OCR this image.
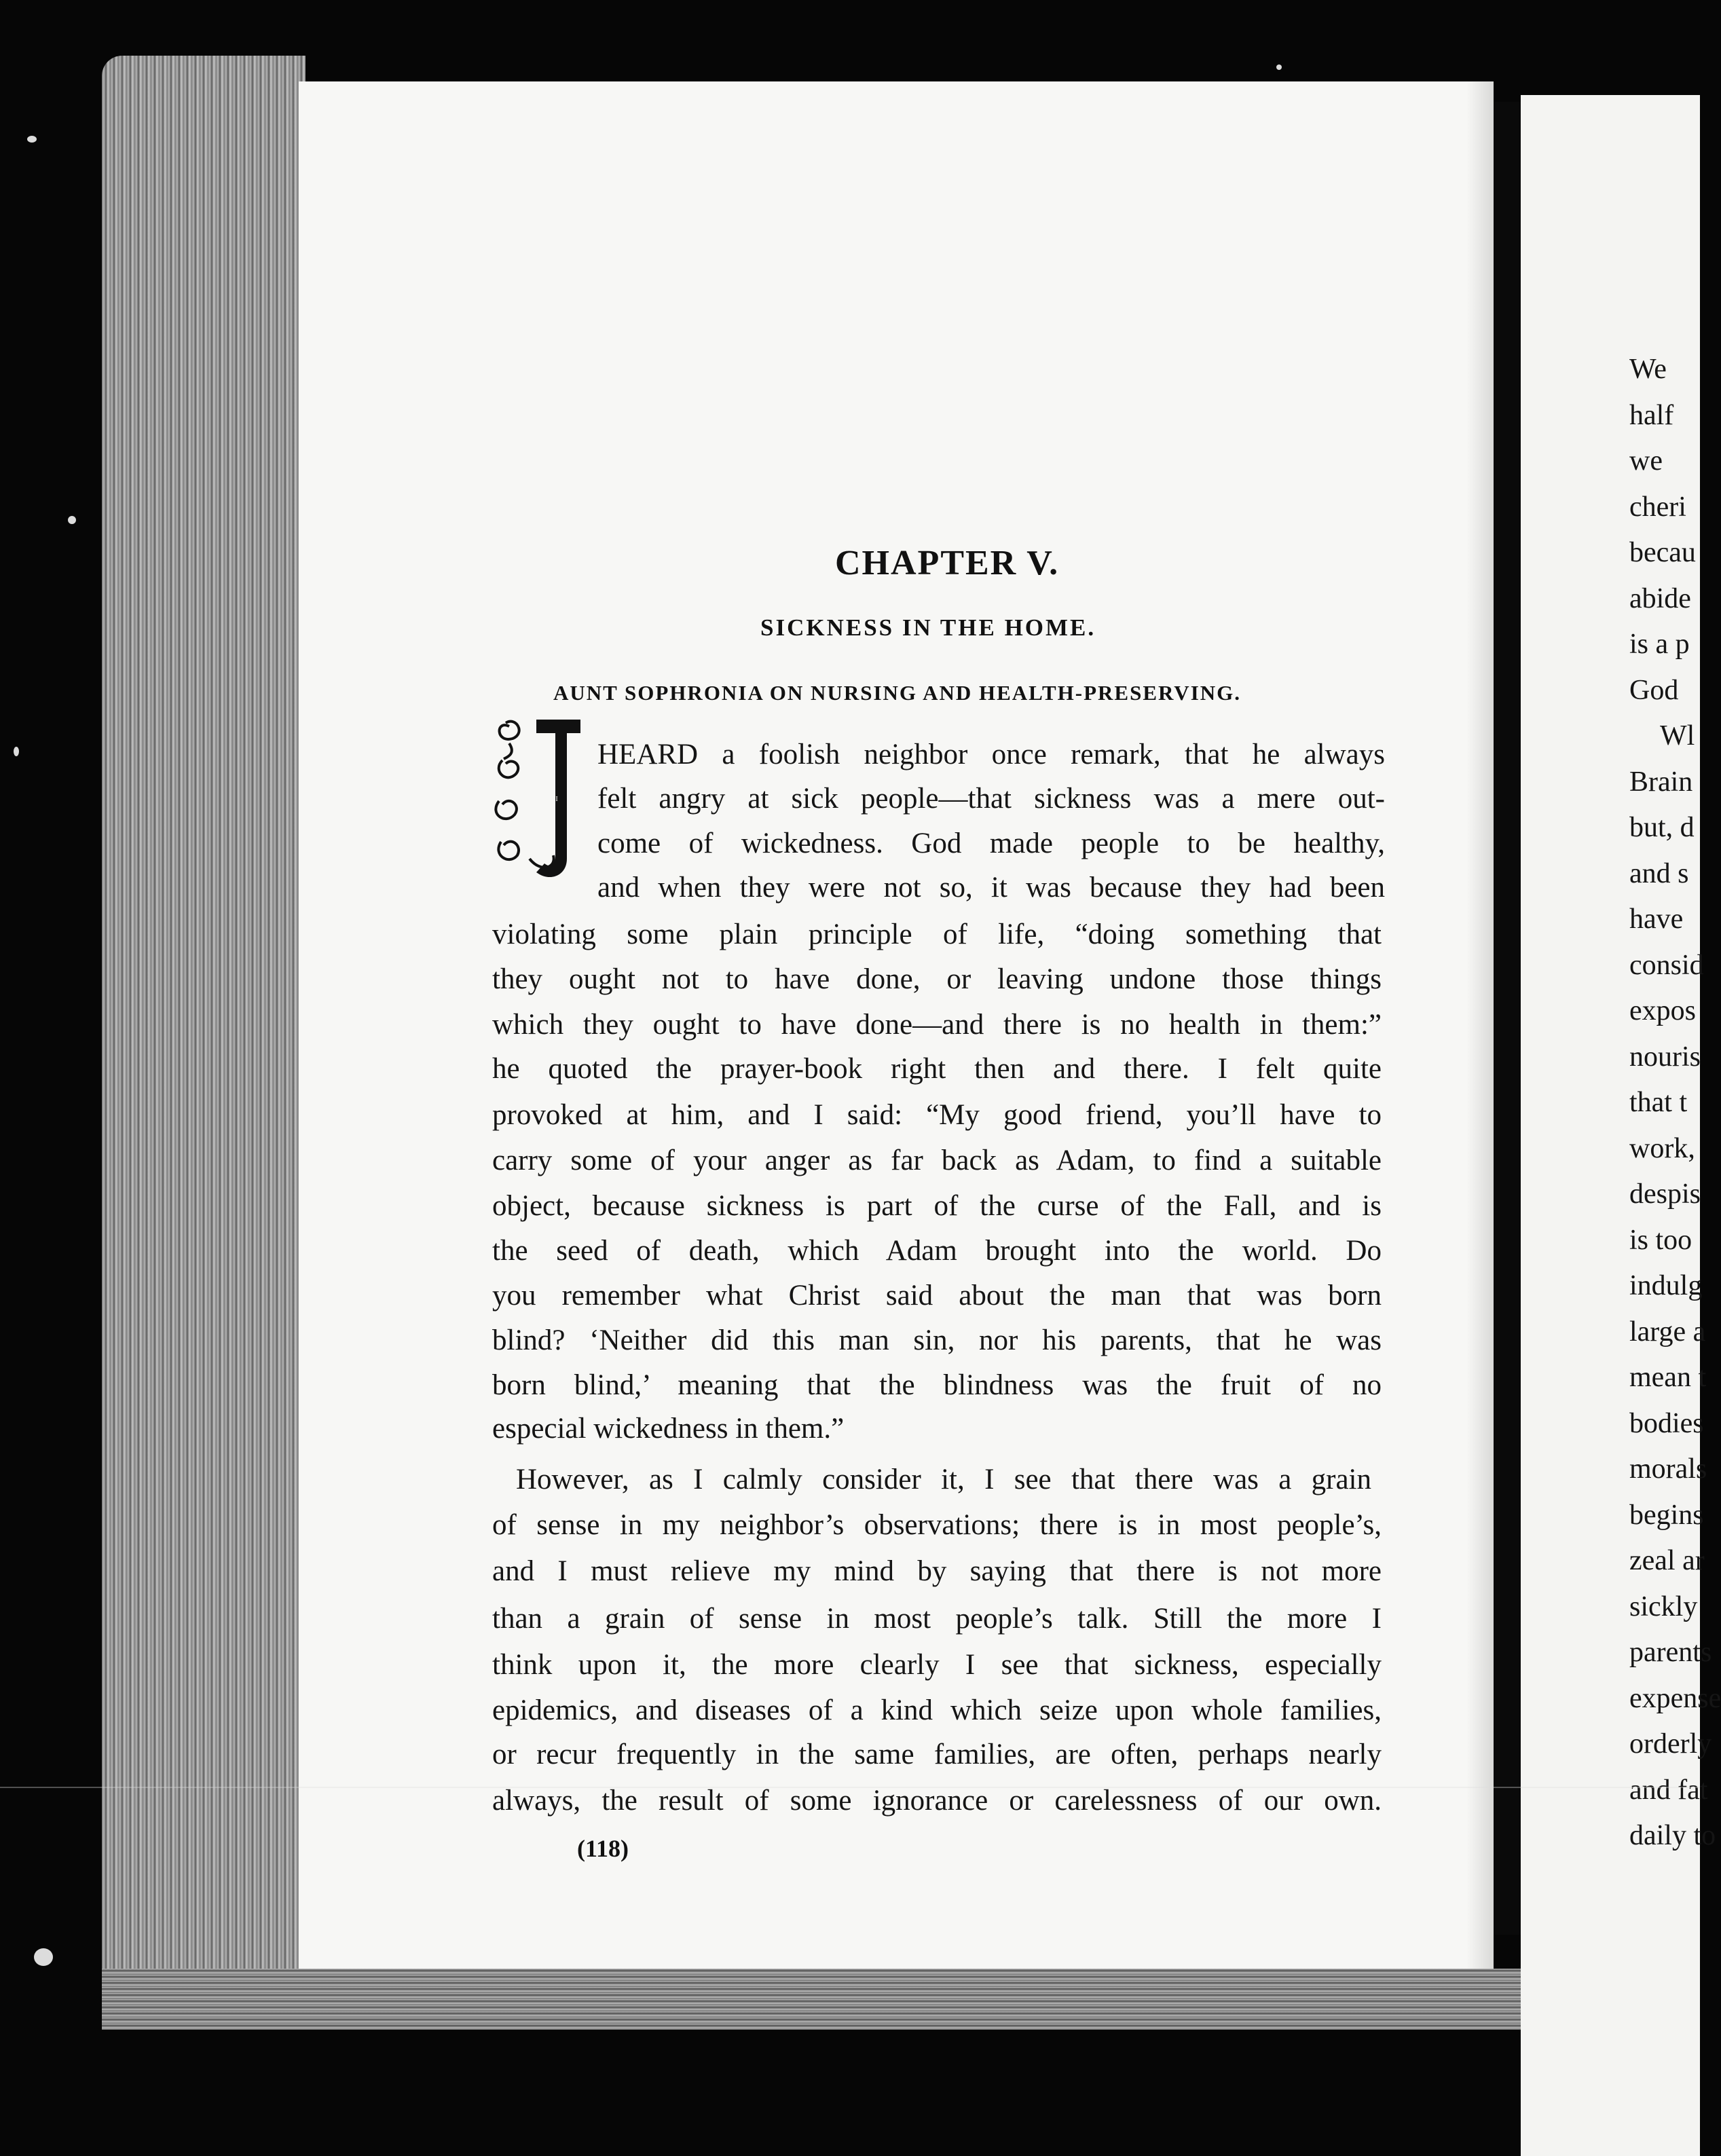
CHAPTER V.
SICKNESS IN THE HOME.
AUNT SOPHRONIA ON NURSING AND HEALTH-PRESERVING.
I
HEARD a foolish neighbor once remark, that he always
felt angry at sick people—that sickness was a mere out-
come of wickedness. God made people to be healthy,
and when they were not so, it was because they had been
violating some plain principle of life, “doing something that
they ought not to have done, or leaving undone those things
which they ought to have done—and there is no health in them:”
he quoted the prayer-book right then and there. I felt quite
provoked at him, and I said: “My good friend, you’ll have to
carry some of your anger as far back as Adam, to find a suitable
object, because sickness is part of the curse of the Fall, and is
the seed of death, which Adam brought into the world. Do
you remember what Christ said about the man that was born
blind? ‘Neither did this man sin, nor his parents, that he was
born blind,’ meaning that the blindness was the fruit of no
especial wickedness in them.”
However, as I calmly consider it, I see that there was a grain
of sense in my neighbor’s observations; there is in most people’s,
and I must relieve my mind by saying that there is not more
than a grain of sense in most people’s talk. Still the more I
think upon it, the more clearly I see that sickness, especially
epidemics, and diseases of a kind which seize upon whole families,
or recur frequently in the same families, are often, perhaps nearly
always, the result of some ignorance or carelessness of our own.
(118)
We
half
we
cheri
becau
abide
is a p
God
Wl
Brain
but, d
and s
have
consid
expos
nouris
that t
work,
despis
is too
indulg
large a
mean t
bodies
morals
begins
zeal ar
sickly
parents
expense
orderly
and fat
daily to
